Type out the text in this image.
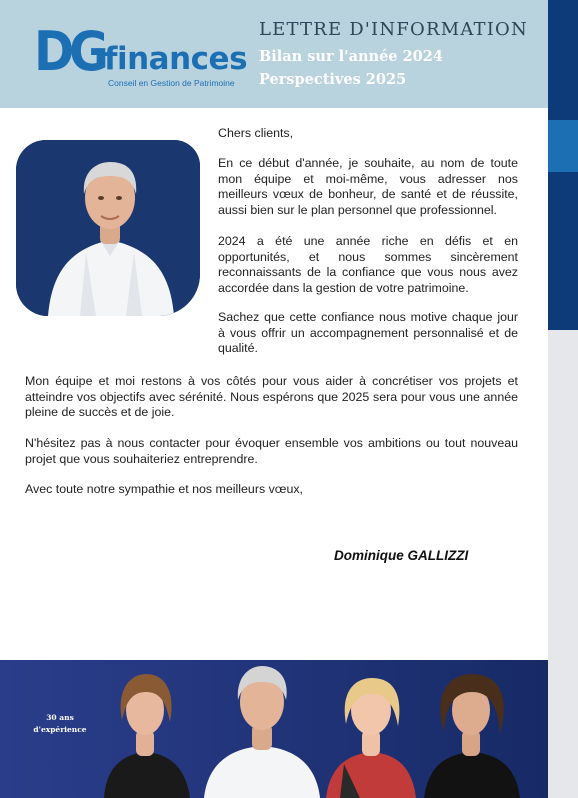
DG finances
Conseil en Gestion de Patrimoine
LETTRE D'INFORMATION
Bilan sur l'année 2024
Perspectives 2025
Chers clients,

En ce début d'année, je souhaite, au nom de toute mon équipe et moi-même, vous adresser nos meilleurs vœux de bonheur, de santé et de réussite, aussi bien sur le plan personnel que professionnel.

2024 a été une année riche en défis et en opportunités, et nous sommes sincèrement reconnaissants de la confiance que vous nous avez accordée dans la gestion de votre patrimoine.

Sachez que cette confiance nous motive chaque jour à vous offrir un accompagnement personnalisé et de qualité.

Mon équipe et moi restons à vos côtés pour vous aider à concrétiser vos projets et atteindre vos objectifs avec sérénité. Nous espérons que 2025 sera pour vous une année pleine de succès et de joie.

N'hésitez pas à nous contacter pour évoquer ensemble vos ambitions ou tout nouveau projet que vous souhaiteriez entreprendre.

Avec toute notre sympathie et nos meilleurs vœux,

Dominique GALLIZZI
30 ans
d'expérience
